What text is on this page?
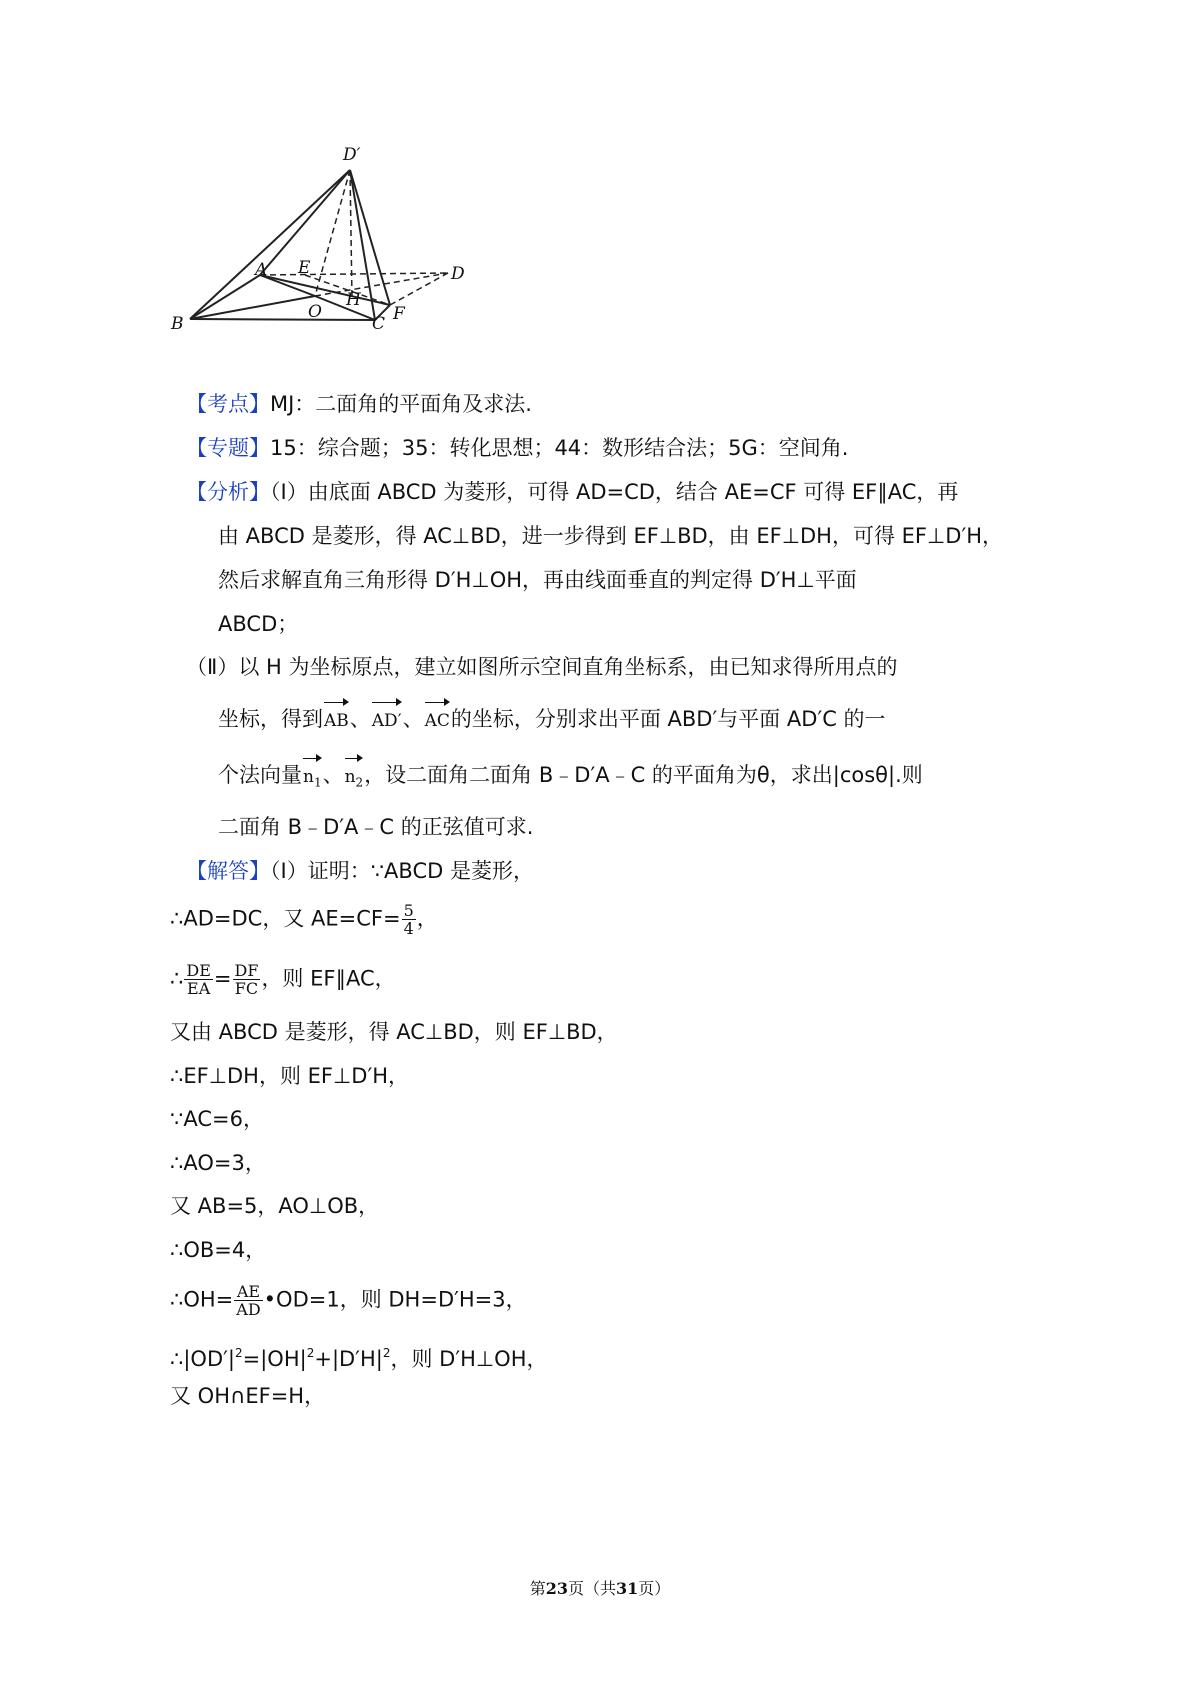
D′
A E	D
B
O
H
C F
【考点】MJ：二面角的平面角及求法.
【专题】15：综合题；35：转化思想；44：数形结合法；5G：空间角.
【分析】（Ⅰ）由底面 ABCD 为菱形，可得 AD=CD，结合 AE=CF 可得 EF∥AC，再
由 ABCD 是菱形，得 AC⊥BD，进一步得到 EF⊥BD，由 EF⊥DH，可得 EF⊥D′H，
然后求解直角三角形得 D′H⊥OH，再由线面垂直的判定得 D′H⊥平面
ABCD；
（Ⅱ）以 H 为坐标原点，建立如图所示空间直角坐标系，由已知求得所用点的
坐标，得到AB、AD′、AC的坐标，分别求出平面 ABD′与平面 AD′C 的一
个法向量$n_1$、$n_2$，设二面角二面角 B﹣D′A﹣C 的平面角为θ，求出|cosθ|.则
二面角 B﹣D′A﹣C 的正弦值可求.
【解答】（Ⅰ）证明：∵ABCD 是菱形，
∴AD=DC，又 $AE=CF= \frac{5}{4}$ ，
∴ $\frac{DE}{EA} = \frac{DF}{FC}$ ，则 EF∥AC，
又由 ABCD 是菱形，得 AC⊥BD，则 EF⊥BD，
∴EF⊥DH，则 EF⊥D′H，
∵AC=6，
∴AO=3，
又 AB=5，AO⊥OB，
∴OB=4，
∴OH= $\frac{AE}{AD}$ •OD=1，则 DH=D′H=3，
$\therefore|OD'|^2=|OH|^2+|D'H|^2$，则 D′H⊥OH，
又 OH∩EF=H，
第23页（共31页）
